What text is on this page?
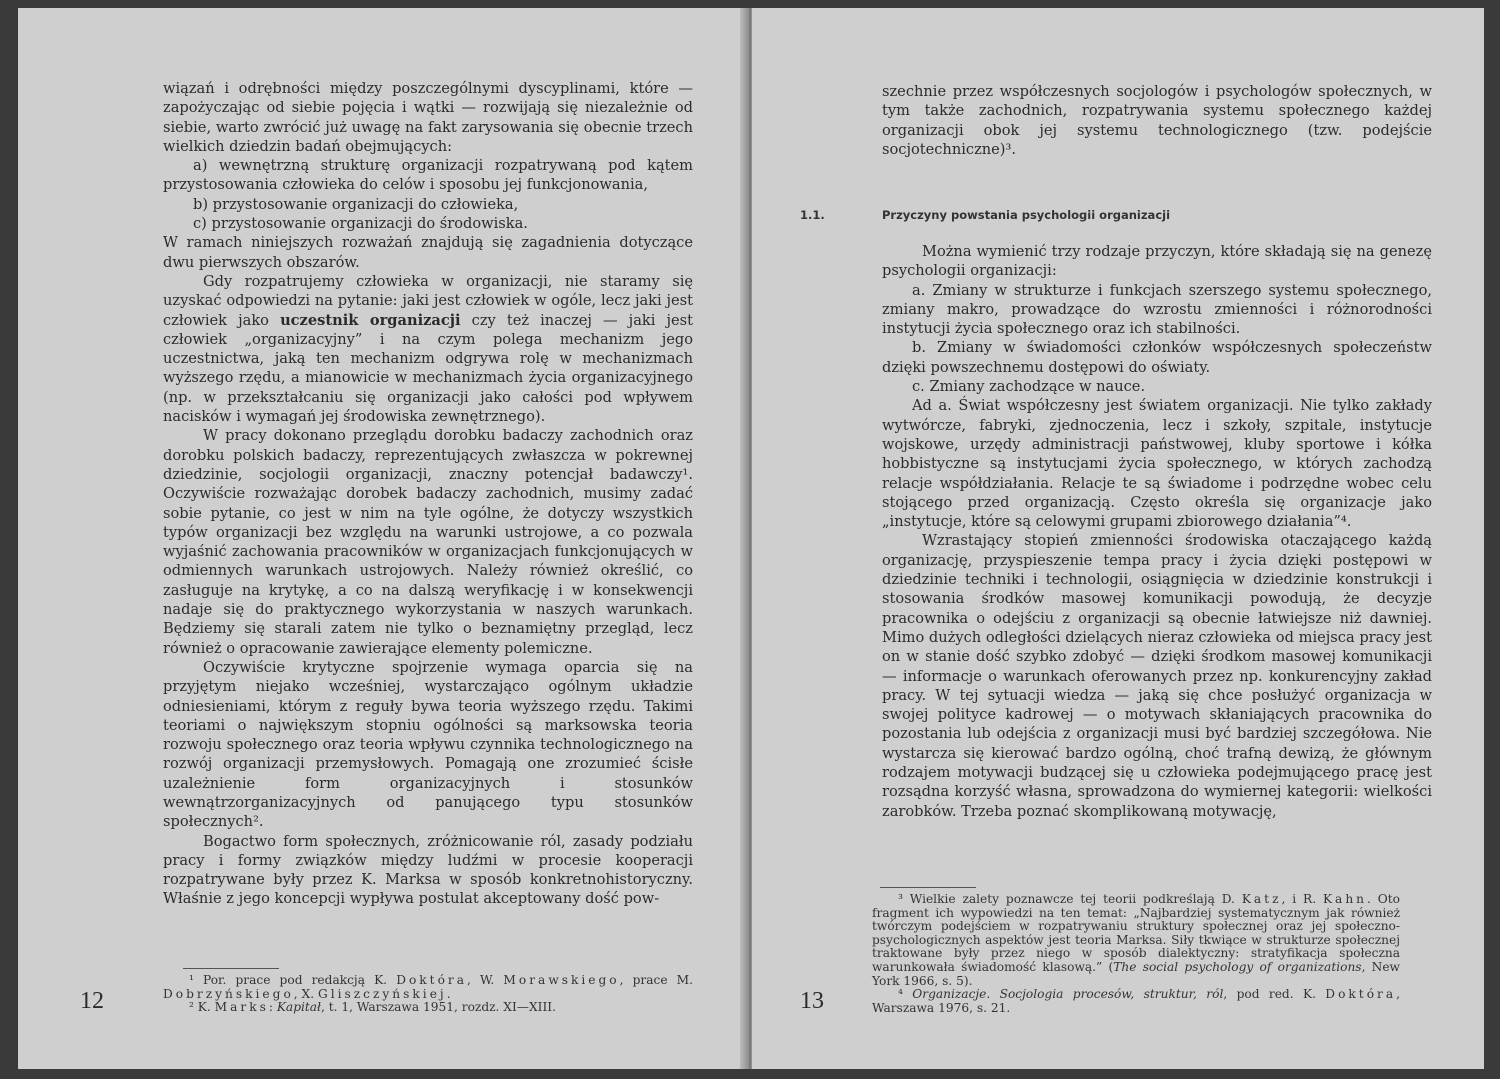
wiązań i odrębności między poszczególnymi dyscyplinami, które — zapożyczając od siebie pojęcia i wątki — rozwijają się niezależnie od siebie, warto zwrócić już uwagę na fakt zarysowania się obecnie trzech wielkich dziedzin badań obejmujących:

a) wewnętrzną strukturę organizacji rozpatrywaną pod kątem przystosowania człowieka do celów i sposobu jej funkcjonowania,

b) przystosowanie organizacji do człowieka,

c) przystosowanie organizacji do środowiska.

W ramach niniejszych rozważań znajdują się zagadnienia dotyczące dwu pierwszych obszarów.

Gdy rozpatrujemy człowieka w organizacji, nie staramy się uzyskać odpowiedzi na pytanie: jaki jest człowiek w ogóle, lecz jaki jest człowiek jako uczestnik organizacji czy też inaczej — jaki jest człowiek „organizacyjny” i na czym polega mechanizm jego uczestnictwa, jaką ten mechanizm odgrywa rolę w mechanizmach wyższego rzędu, a mianowicie w mechanizmach życia organizacyjnego (np. w przekształcaniu się organizacji jako całości pod wpływem nacisków i wymagań jej środowiska zewnętrznego).

W pracy dokonano przeglądu dorobku badaczy zachodnich oraz dorobku polskich badaczy, reprezentujących zwłaszcza w pokrewnej dziedzinie, socjologii organizacji, znaczny potencjał badawczy¹. Oczywiście rozważając dorobek badaczy zachodnich, musimy zadać sobie pytanie, co jest w nim na tyle ogólne, że dotyczy wszystkich typów organizacji bez względu na warunki ustrojowe, a co pozwala wyjaśnić zachowania pracowników w organizacjach funkcjonujących w odmiennych warunkach ustrojowych. Należy również określić, co zasługuje na krytykę, a co na dalszą weryfikację i w konsekwencji nadaje się do praktycznego wykorzystania w naszych warunkach. Będziemy się starali zatem nie tylko o beznamiętny przegląd, lecz również o opracowanie zawierające elementy polemiczne.

Oczywiście krytyczne spojrzenie wymaga oparcia się na przyjętym niejako wcześniej, wystarczająco ogólnym układzie odniesieniami, którym z reguły bywa teoria wyższego rzędu. Takimi teoriami o największym stopniu ogólności są marksowska teoria rozwoju społecznego oraz teoria wpływu czynnika technologicznego na rozwój organizacji przemysłowych. Pomagają one zrozumieć ścisłe uzależnienie form organizacyjnych i stosunków wewnątrzorganizacyjnych od panującego typu stosunków społecznych².

Bogactwo form społecznych, zróżnicowanie ról, zasady podziału pracy i formy związków między ludźmi w procesie kooperacji rozpatrywane były przez K. Marksa w sposób konkretnohistoryczny. Właśnie z jego koncepcji wypływa postulat akceptowany dość pow-

¹ Por. prace pod redakcją K. Doktóra, W. Morawskiego, prace M. Dobrzyńskiego, X. Gliszczyńskiej.

² K. Marks: Kapitał, t. 1, Warszawa 1951, rozdz. XI—XIII.

12

szechnie przez współczesnych socjologów i psychologów społecznych, w tym także zachodnich, rozpatrywania systemu społecznego każdej organizacji obok jej systemu technologicznego (tzw. podejście socjotechniczne)³.

1.1.	Przyczyny powstania psychologii organizacji

Można wymienić trzy rodzaje przyczyn, które składają się na genezę psychologii organizacji:

a. Zmiany w strukturze i funkcjach szerszego systemu społecznego, zmiany makro, prowadzące do wzrostu zmienności i różnorodności instytucji życia społecznego oraz ich stabilności.

b. Zmiany w świadomości członków współczesnych społeczeństw dzięki powszechnemu dostępowi do oświaty.

c. Zmiany zachodzące w nauce.

Ad a. Świat współczesny jest światem organizacji. Nie tylko zakłady wytwórcze, fabryki, zjednoczenia, lecz i szkoły, szpitale, instytucje wojskowe, urzędy administracji państwowej, kluby sportowe i kółka hobbistyczne są instytucjami życia społecznego, w których zachodzą relacje współdziałania. Relacje te są świadome i podrzędne wobec celu stojącego przed organizacją. Często określa się organizacje jako „instytucje, które są celowymi grupami zbiorowego działania”⁴.

Wzrastający stopień zmienności środowiska otaczającego każdą organizację, przyspieszenie tempa pracy i życia dzięki postępowi w dziedzinie techniki i technologii, osiągnięcia w dziedzinie konstrukcji i stosowania środków masowej komunikacji powodują, że decyzje pracownika o odejściu z organizacji są obecnie łatwiejsze niż dawniej. Mimo dużych odległości dzielących nieraz człowieka od miejsca pracy jest on w stanie dość szybko zdobyć — dzięki środkom masowej komunikacji — informacje o warunkach oferowanych przez np. konkurencyjny zakład pracy. W tej sytuacji wiedza — jaką się chce posłużyć organizacja w swojej polityce kadrowej — o motywach skłaniających pracownika do pozostania lub odejścia z organizacji musi być bardziej szczegółowa. Nie wystarcza się kierować bardzo ogólną, choć trafną dewizą, że głównym rodzajem motywacji budzącej się u człowieka podejmującego pracę jest rozsądna korzyść własna, sprowadzona do wymiernej kategorii: wielkości zarobków. Trzeba poznać skomplikowaną motywację,

³ Wielkie zalety poznawcze tej teorii podkreślają D. Katz, i R. Kahn. Oto fragment ich wypowiedzi na ten temat: „Najbardziej systematycznym jak również twórczym podejściem w rozpatrywaniu struktury społecznej oraz jej społeczno-psychologicznych aspektów jest teoria Marksa. Siły tkwiące w strukturze społecznej traktowane były przez niego w sposób dialektyczny: stratyfikacja społeczna warunkowała świadomość klasową.” (The social psychology of organizations, New York 1966, s. 5).

⁴ Organizacje. Socjologia procesów, struktur, ról, pod red. K. Doktóra, Warszawa 1976, s. 21.

13
